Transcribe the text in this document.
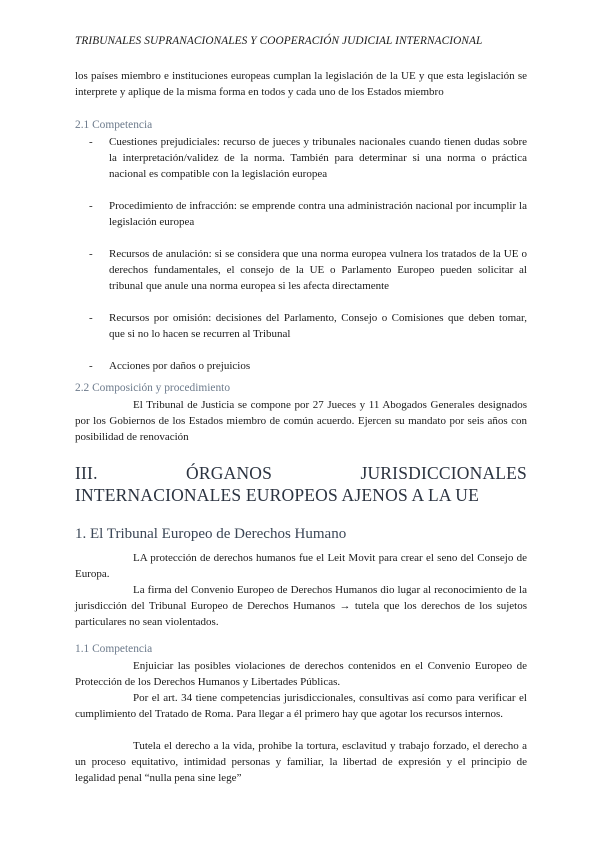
TRIBUNALES SUPRANACIONALES Y COOPERACIÓN JUDICIAL INTERNACIONAL

los países miembro e instituciones europeas cumplan la legislación de la UE y que esta legislación se interprete y aplique de la misma forma en todos y cada uno de los Estados miembro

2.1 Competencia
- Cuestiones prejudiciales: recurso de jueces y tribunales nacionales cuando tienen dudas sobre la interpretación/validez de la norma. También para determinar si una norma o práctica nacional es compatible con la legislación europea
- Procedimiento de infracción: se emprende contra una administración nacional por incumplir la legislación europea
- Recursos de anulación: si se considera que una norma europea vulnera los tratados de la UE o derechos fundamentales, el consejo de la UE o Parlamento Europeo pueden solicitar al tribunal que anule una norma europea si les afecta directamente
- Recursos por omisión: decisiones del Parlamento, Consejo o Comisiones que deben tomar, que si no lo hacen se recurren al Tribunal
- Acciones por daños o prejuicios
2.2 Composición y procedimiento

El Tribunal de Justicia se compone por 27 Jueces y 11 Abogados Generales designados por los Gobiernos de los Estados miembro de común acuerdo. Ejercen su mandato por seis años con posibilidad de renovación

III. ÓRGANOS JURISDICCIONALES INTERNACIONALES EUROPEOS AJENOS A LA UE
1. El Tribunal Europeo de Derechos Humano

LA protección de derechos humanos fue el Leit Movit para crear el seno del Consejo de Europa.

La firma del Convenio Europeo de Derechos Humanos dio lugar al reconocimiento de la jurisdicción del Tribunal Europeo de Derechos Humanos → tutela que los derechos de los sujetos particulares no sean violentados.

1.1 Competencia

Enjuiciar las posibles violaciones de derechos contenidos en el Convenio Europeo de Protección de los Derechos Humanos y Libertades Públicas.

Por el art. 34 tiene competencias jurisdiccionales, consultivas así como para verificar el cumplimiento del Tratado de Roma. Para llegar a él primero hay que agotar los recursos internos.

Tutela el derecho a la vida, prohibe la tortura, esclavitud y trabajo forzado, el derecho a un proceso equitativo, intimidad personas y familiar, la libertad de expresión y el principio de legalidad penal “nulla pena sine lege”
